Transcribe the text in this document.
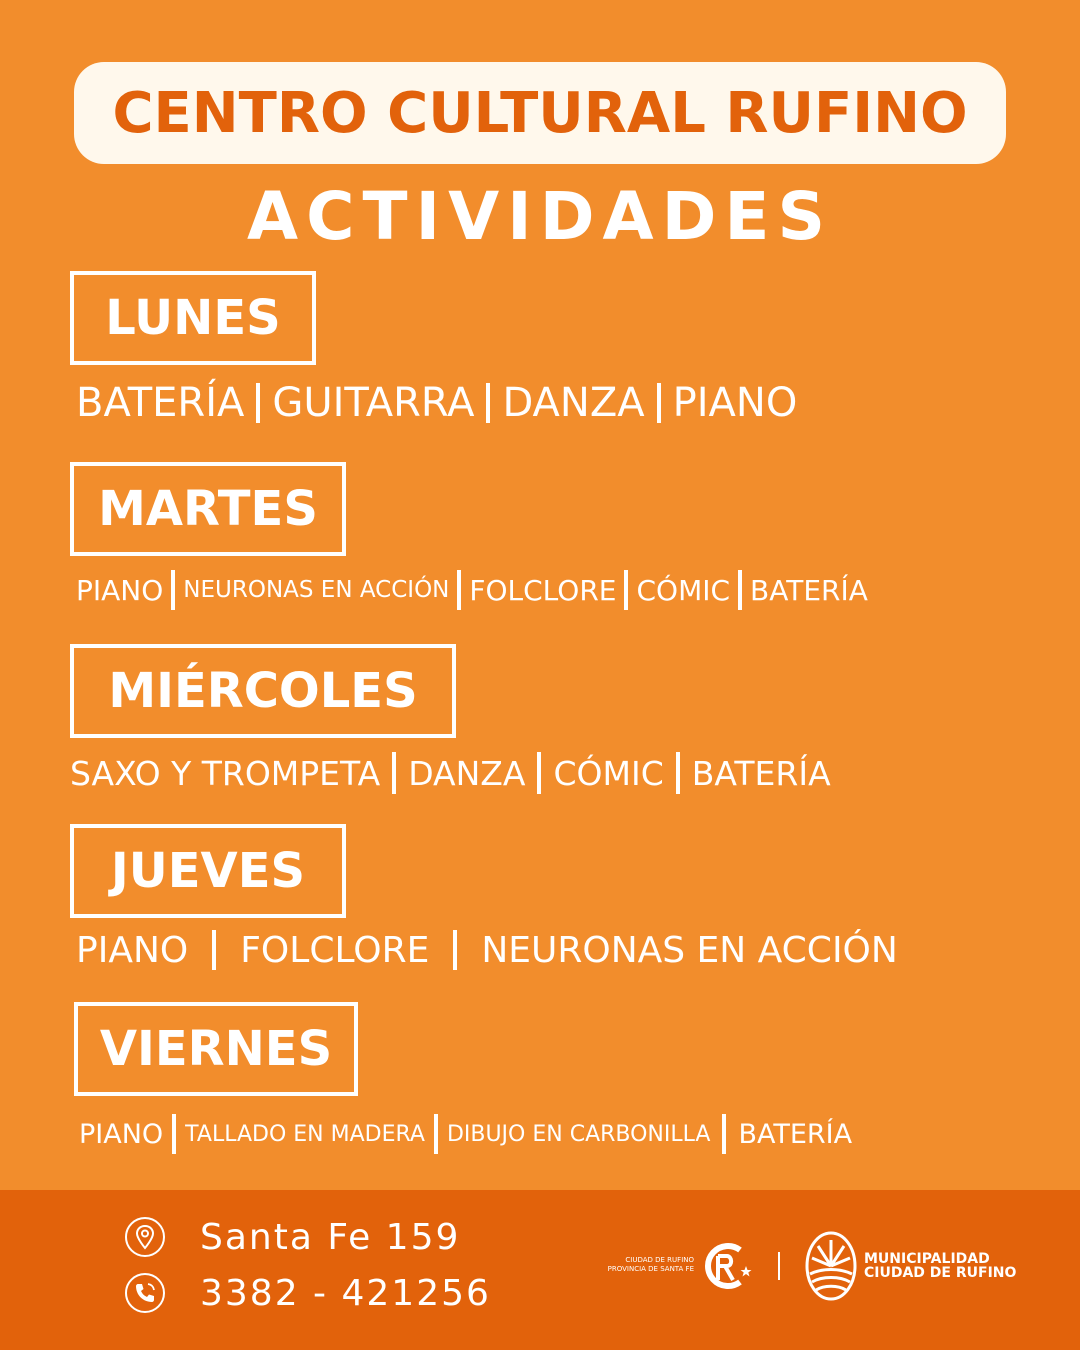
CENTRO CULTURAL RUFINO
ACTIVIDADES
LUNES
BATERÍA GUITARRA DANZA PIANO
MARTES
PIANO NEURONAS EN ACCIÓN FOLCLORE CÓMIC BATERÍA
MIÉRCOLES
SAXO Y TROMPETA DANZA CÓMIC BATERÍA
JUEVES
PIANO FOLCLORE NEURONAS EN ACCIÓN
VIERNES
PIANO TALLADO EN MADERA DIBUJO EN CARBONILLA BATERÍA
Santa Fe 159
3382 - 421256
CIUDAD DE RUFINO
PROVINCIA DE SANTA FE
MUNICIPALIDAD
CIUDAD DE RUFINO
